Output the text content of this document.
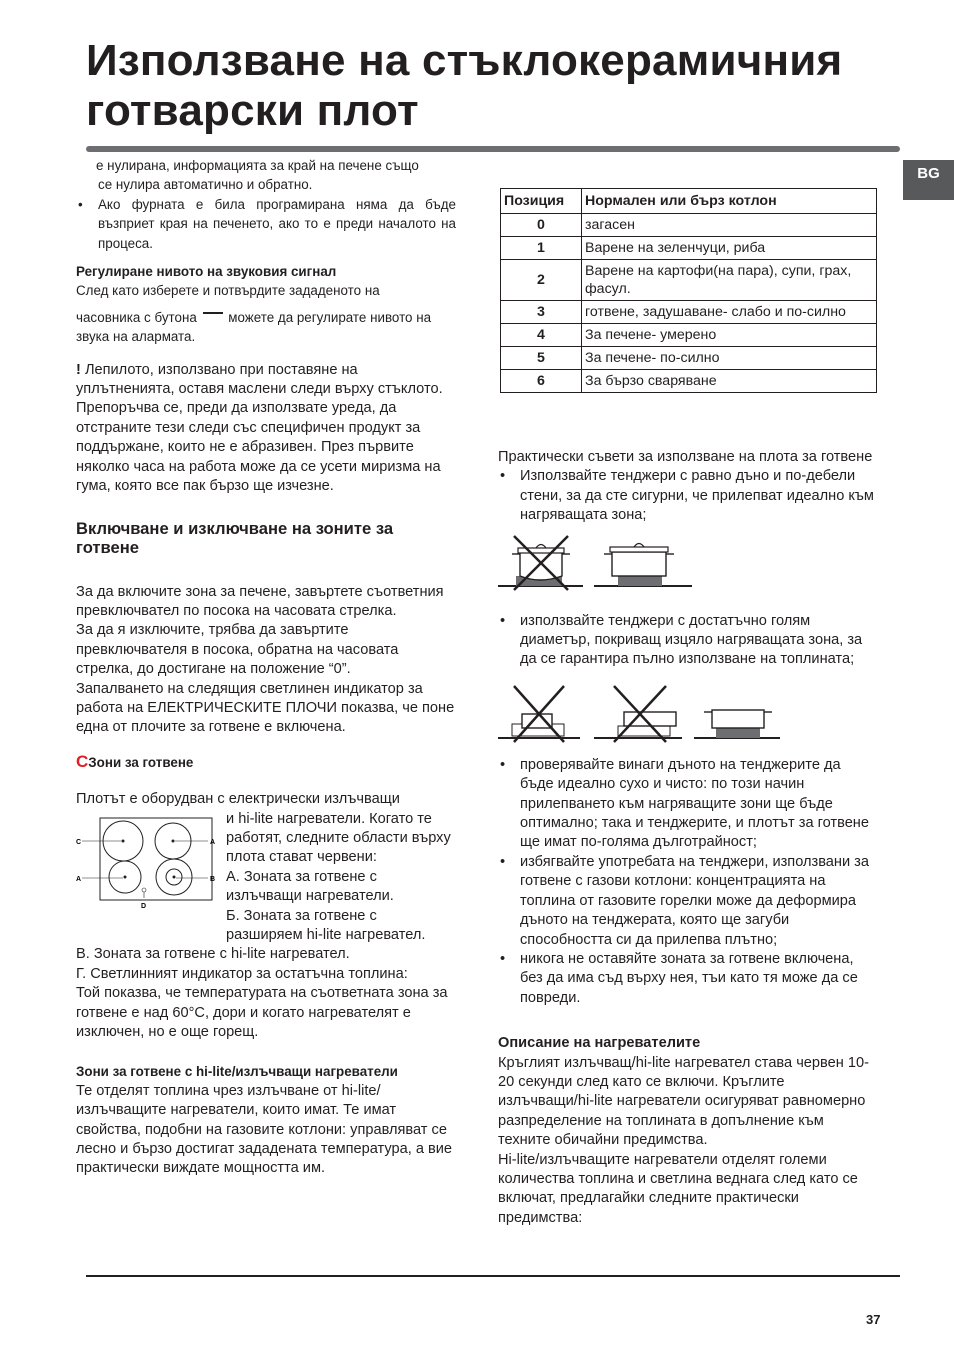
Използване на стъклокерамичния готварски плот
BG

е нулирана, информацията за край на печене също
се нулира автоматично и обратно.

• Ако фурната е била програмирана няма да бъде възприет края на печенето, ако то е преди началото на процеса.

Регулиране нивото на звуковия сигнал

След като изберете и потвърдите зададеното на
часовника с бутона можете да регулирате нивото на
звука на алармата.

! Лепилото, използвано при поставяне на уплътненията, оставя маслени следи върху стъклото. Препоръчва се, преди да използвате уреда, да отстраните тези следи със специфичен продукт за поддържане, които не е абразивен. През първите няколко часа на работа може да се усети миризма на гума, която все пак бързо ще изчезне.

Включване и изключване на зоните за готвене

За да включите зона за печене, завъртете съответния превключвател по посока на часовата стрелка.

За да я изключите, трябва да завъртите превключвателя в посока, обратна на часовата стрелка, до достигане на положение “0”.

Запалването на следящия светлинен индикатор за работа на ЕЛЕКТРИЧЕСКИТЕ ПЛОЧИ показва, че поне една от плочите за готвене е включена.

CЗони за готвене

Плотът е оборудван с електрически излъчващи

C	A
A	B
D

и hi-lite нагреватели. Когато те работят, следните области върху плота стават червени:

А. Зоната за готвене с излъчващи нагреватели.

Б. Зоната за готвене с разширяем hi-lite нагревател.

В. Зоната за готвене с hi-lite нагревател.

Г. Светлинният индикатор за остатъчна топлина:

Той показва, че температурата на съответната зона за готвене е над 60°C, дори и когато нагревателят е изключен, но е още горещ.

Зони за готвене с hi-lite/излъчващи нагреватели

Те отделят топлина чрез излъчване от hi-lite/ излъчващите нагреватели, които имат. Те имат свойства, подобни на газовите котлони: управляват се лесно и бързо достигат зададената температура, а вие практически виждате мощността им.

Позиция	Нормален или бърз котлон
0	загасен
1	Варене на зеленчуци, риба
2	Варене на картофи(на пара), супи, грах, фасул.
3	готвене, задушаване- слабо и по-силно
4	За печене- умерено
5	За печене- по-силно
6	За бързо сваряване

Практически съвети за използване на плота за готвене

• Използвайте тенджери с равно дъно и по-дебели стени, за да сте сигурни, че прилепват идеално към нагряващата зона;

• използвайте тенджери с достатъчно голям диаметър, покриващ изцяло нагряващата зона, за да се гарантира пълно използване на топлината;

• проверявайте винаги дъното на тенджерите да бъде идеално сухо и чисто: по този начин прилепването към нагряващите зони ще бъде оптимално; така и тенджерите, и плотът за готвене ще имат по-голяма дълготрайност;

• избягвайте употребата на тенджери, използвани за готвене с газови котлони: концентрацията на топлина от газовите горелки може да деформира дъното на тенджерата, която ще загуби способността си да прилепва плътно;

• никога не оставяйте зоната за готвене включена, без да има съд върху нея, тъи като тя може да се повреди.

Описание на нагревателите

Кръглият излъчващ/hi-lite нагревател става червен 10-20 секунди след като се включи. Кръглите излъчващи/hi-lite нагреватели осигуряват равномерно разпределение на топлината в допълнение към техните обичайни предимства.

Hi-lite/излъчващите нагреватели отделят големи количества топлина и светлина веднага след като се включат, предлагайки следните практически предимства:

37
